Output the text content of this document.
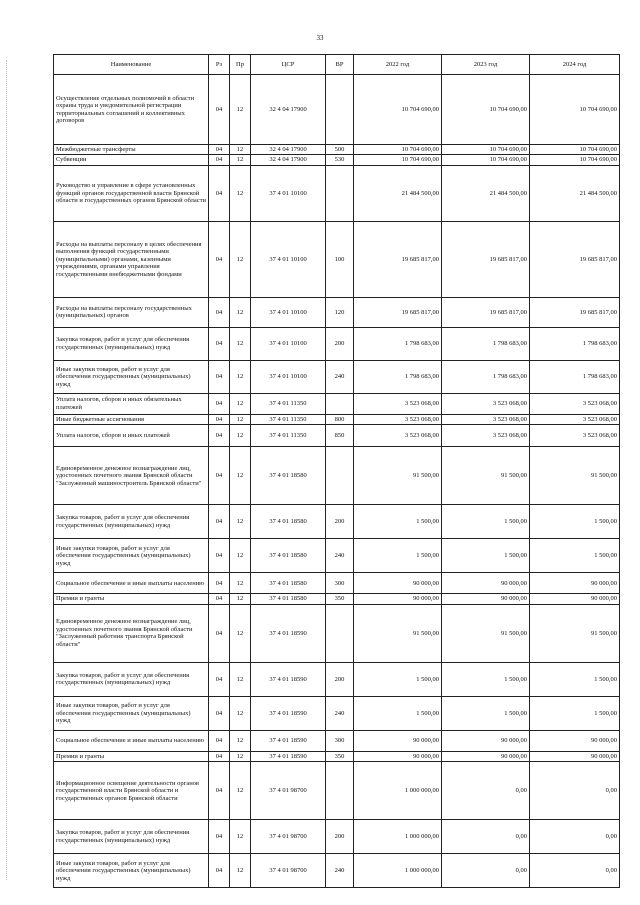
33
Наименование	Рз	Пр	ЦСР	ВР	2022 год	2023 год	2024 год
Осуществление отдельных полномочий в области охраны труда и уведомительной регистрации территориальных соглашений и коллективных договоров	04	12	32 4 04 17900		10 704 690,00	10 704 690,00	10 704 690,00
Межбюджетные трансферты	04	12	32 4 04 17900	500	10 704 690,00	10 704 690,00	10 704 690,00
Субвенции	04	12	32 4 04 17900	530	10 704 690,00	10 704 690,00	10 704 690,00
Руководство и управление в сфере установленных функций органов государственной власти Брянской области и государственных органов Брянской области	04	12	37 4 01 10100		21 484 500,00	21 484 500,00	21 484 500,00
Расходы на выплаты персоналу в целях обеспечения выполнения функций государственными (муниципальными) органами, казенными учреждениями, органами управления государственными внебюджетными фондами	04	12	37 4 01 10100	100	19 685 817,00	19 685 817,00	19 685 817,00
Расходы на выплаты персоналу государственных (муниципальных) органов	04	12	37 4 01 10100	120	19 685 817,00	19 685 817,00	19 685 817,00
Закупка товаров, работ и услуг для обеспечения государственных (муниципальных) нужд	04	12	37 4 01 10100	200	1 798 683,00	1 798 683,00	1 798 683,00
Иные закупки товаров, работ и услуг для обеспечения государственных (муниципальных) нужд	04	12	37 4 01 10100	240	1 798 683,00	1 798 683,00	1 798 683,00
Уплата налогов, сборов и иных обязательных платежей	04	12	37 4 01 11350		3 523 068,00	3 523 068,00	3 523 068,00
Иные бюджетные ассигнования	04	12	37 4 01 11350	800	3 523 068,00	3 523 068,00	3 523 068,00
Уплата налогов, сборов и иных платежей	04	12	37 4 01 11350	850	3 523 068,00	3 523 068,00	3 523 068,00
Единовременное денежное вознаграждение лиц, удостоенных почетного звания Брянской области "Заслуженный машиностроитель Брянской области"	04	12	37 4 01 18580		91 500,00	91 500,00	91 500,00
Закупка товаров, работ и услуг для обеспечения государственных (муниципальных) нужд	04	12	37 4 01 18580	200	1 500,00	1 500,00	1 500,00
Иные закупки товаров, работ и услуг для обеспечения государственных (муниципальных) нужд	04	12	37 4 01 18580	240	1 500,00	1 500,00	1 500,00
Социальное обеспечение и иные выплаты населению	04	12	37 4 01 18580	300	90 000,00	90 000,00	90 000,00
Премии и гранты	04	12	37 4 01 18580	350	90 000,00	90 000,00	90 000,00
Единовременное денежное вознаграждение лиц, удостоенных почетного звания Брянской области "Заслуженный работник транспорта Брянской области"	04	12	37 4 01 18590		91 500,00	91 500,00	91 500,00
Закупка товаров, работ и услуг для обеспечения государственных (муниципальных) нужд	04	12	37 4 01 18590	200	1 500,00	1 500,00	1 500,00
Иные закупки товаров, работ и услуг для обеспечения государственных (муниципальных) нужд	04	12	37 4 01 18590	240	1 500,00	1 500,00	1 500,00
Социальное обеспечение и иные выплаты населению	04	12	37 4 01 18590	300	90 000,00	90 000,00	90 000,00
Премии и гранты	04	12	37 4 01 18590	350	90 000,00	90 000,00	90 000,00
Информационное освещение деятельности органов государственной власти Брянской области и государственных органов Брянской области	04	12	37 4 01 98700		1 000 000,00	0,00	0,00
Закупка товаров, работ и услуг для обеспечения государственных (муниципальных) нужд	04	12	37 4 01 98700	200	1 000 000,00	0,00	0,00
Иные закупки товаров, работ и услуг для обеспечения государственных (муниципальных) нужд	04	12	37 4 01 98700	240	1 000 000,00	0,00	0,00
